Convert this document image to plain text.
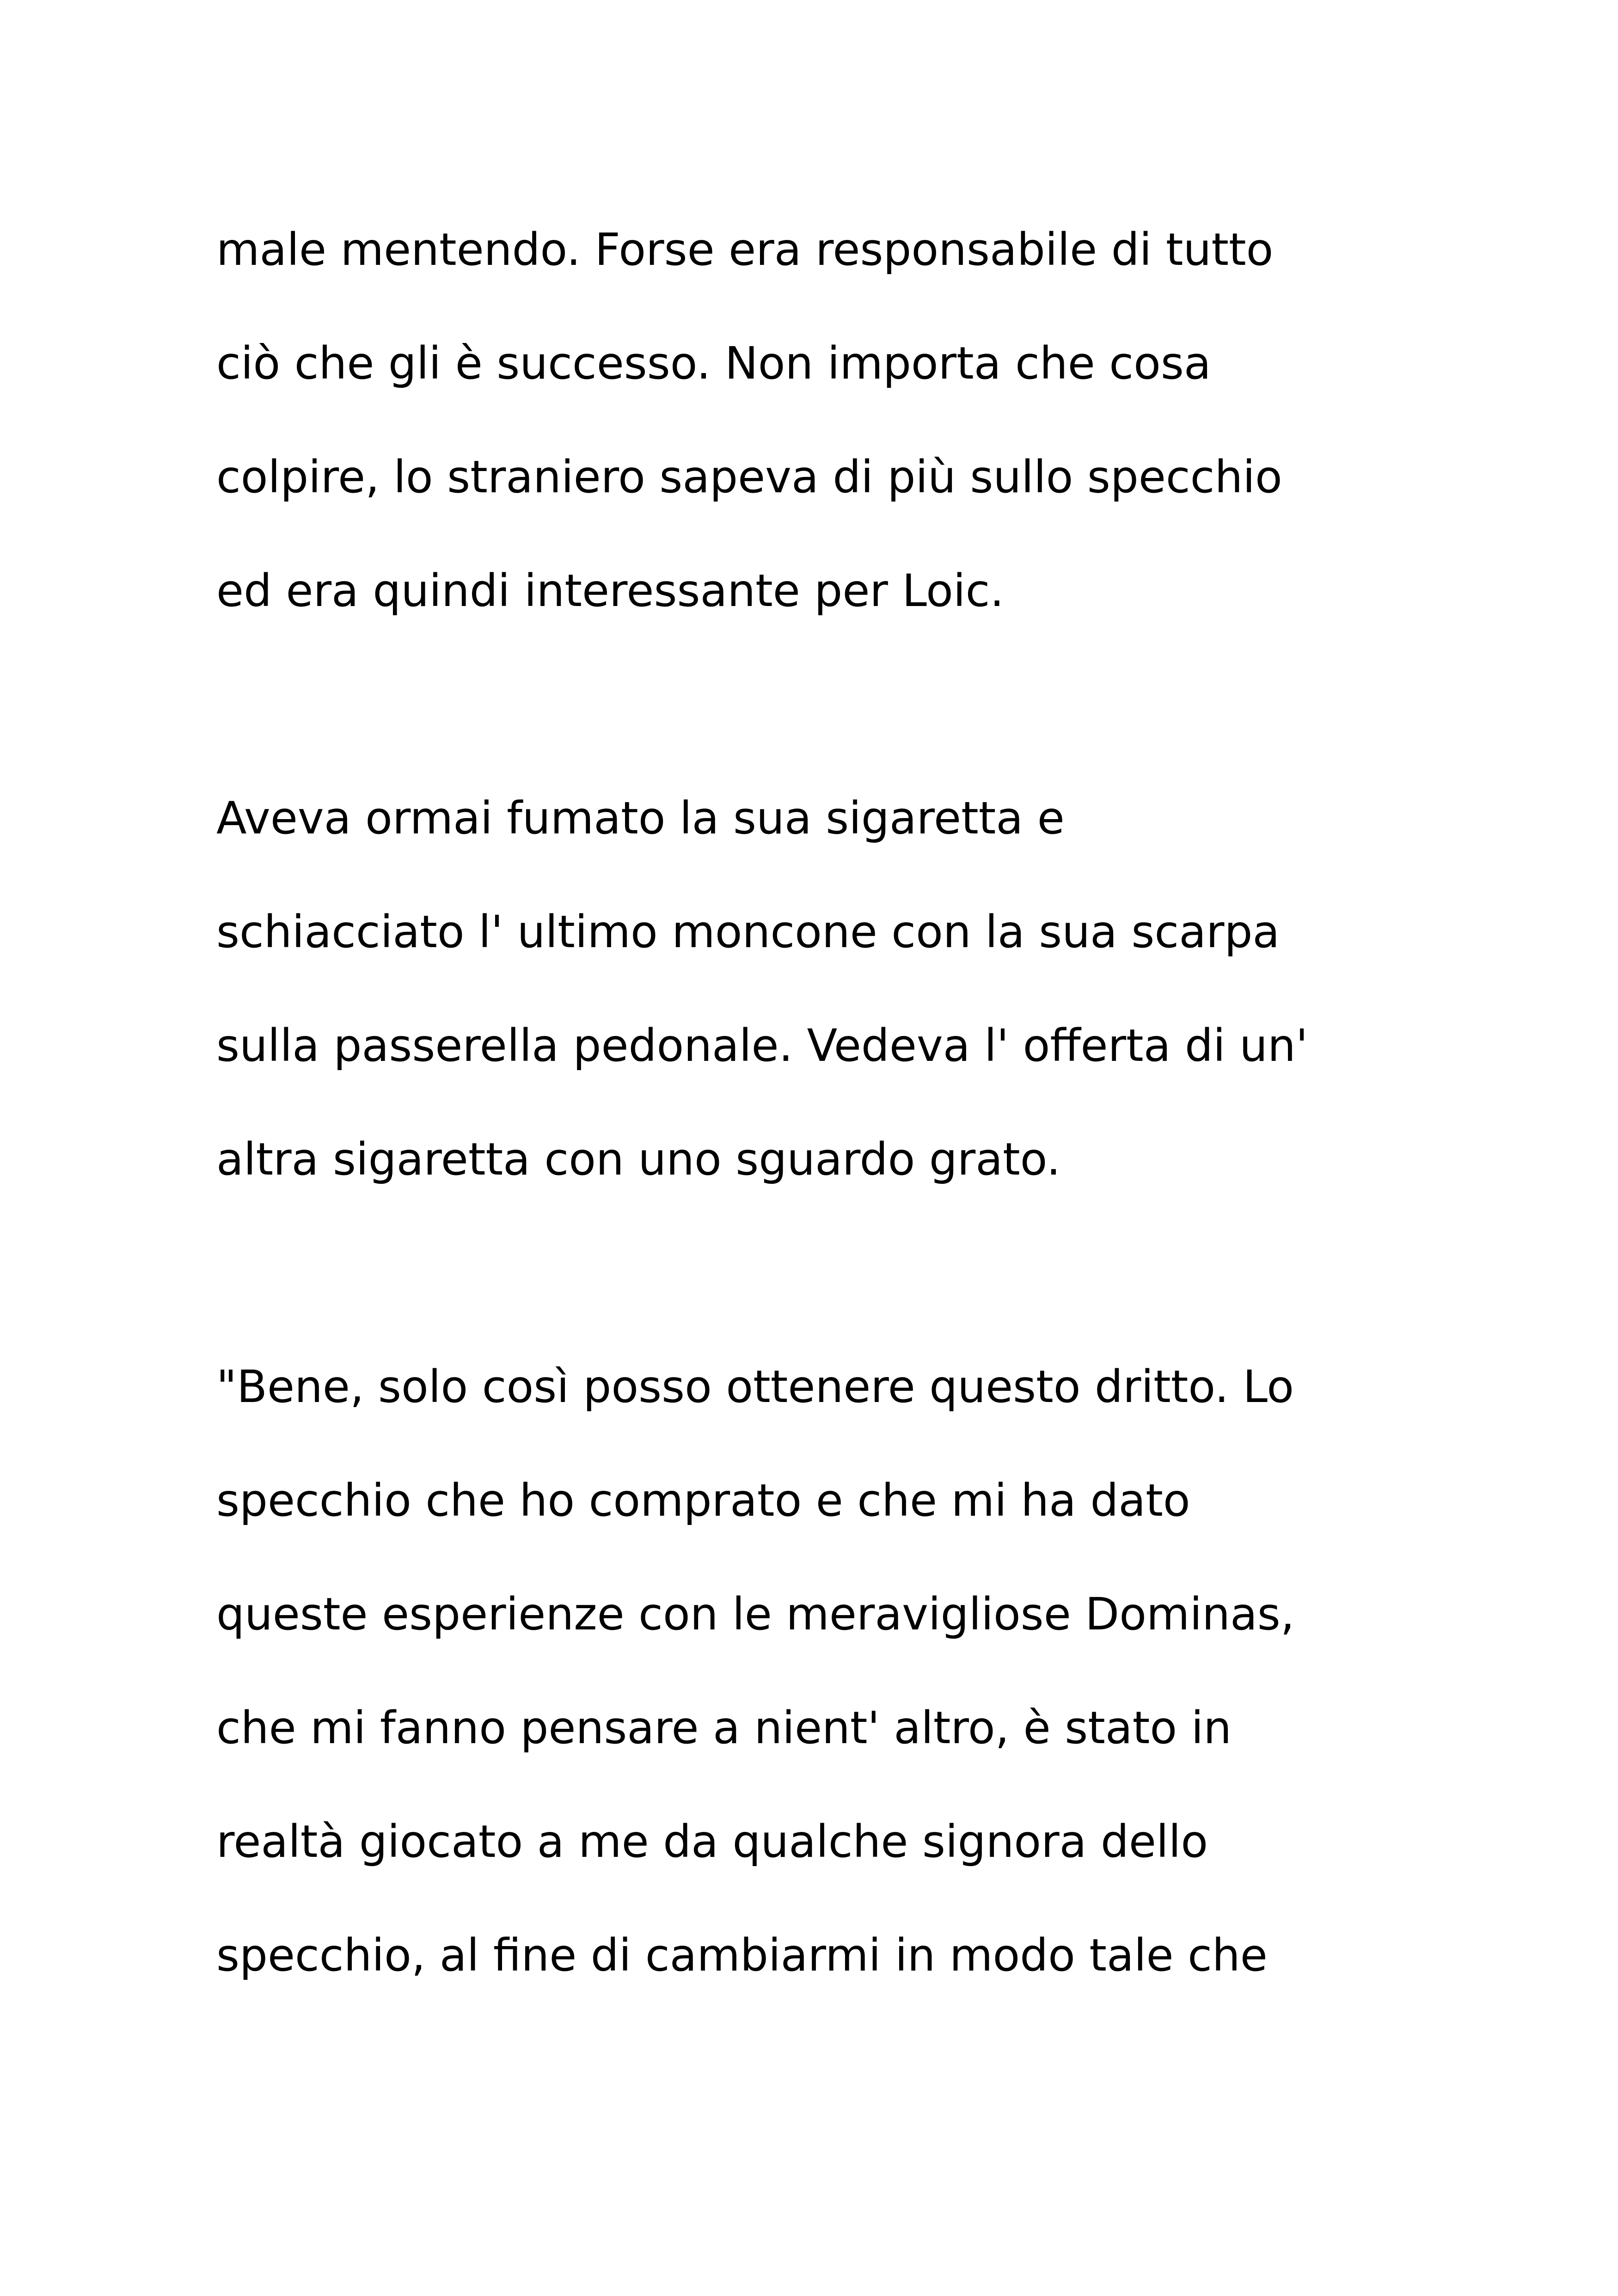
male mentendo. Forse era responsabile di tutto
ciò che gli è successo. Non importa che cosa
colpire, lo straniero sapeva di più sullo specchio
ed era quindi interessante per Loic.
Aveva ormai fumato la sua sigaretta e
schiacciato l' ultimo moncone con la sua scarpa
sulla passerella pedonale. Vedeva l' offerta di un'
altra sigaretta con uno sguardo grato.
"Bene, solo così posso ottenere questo dritto. Lo
specchio che ho comprato e che mi ha dato
queste esperienze con le meravigliose Dominas,
che mi fanno pensare a nient' altro, è stato in
realtà giocato a me da qualche signora dello
specchio, al fine di cambiarmi in modo tale che
